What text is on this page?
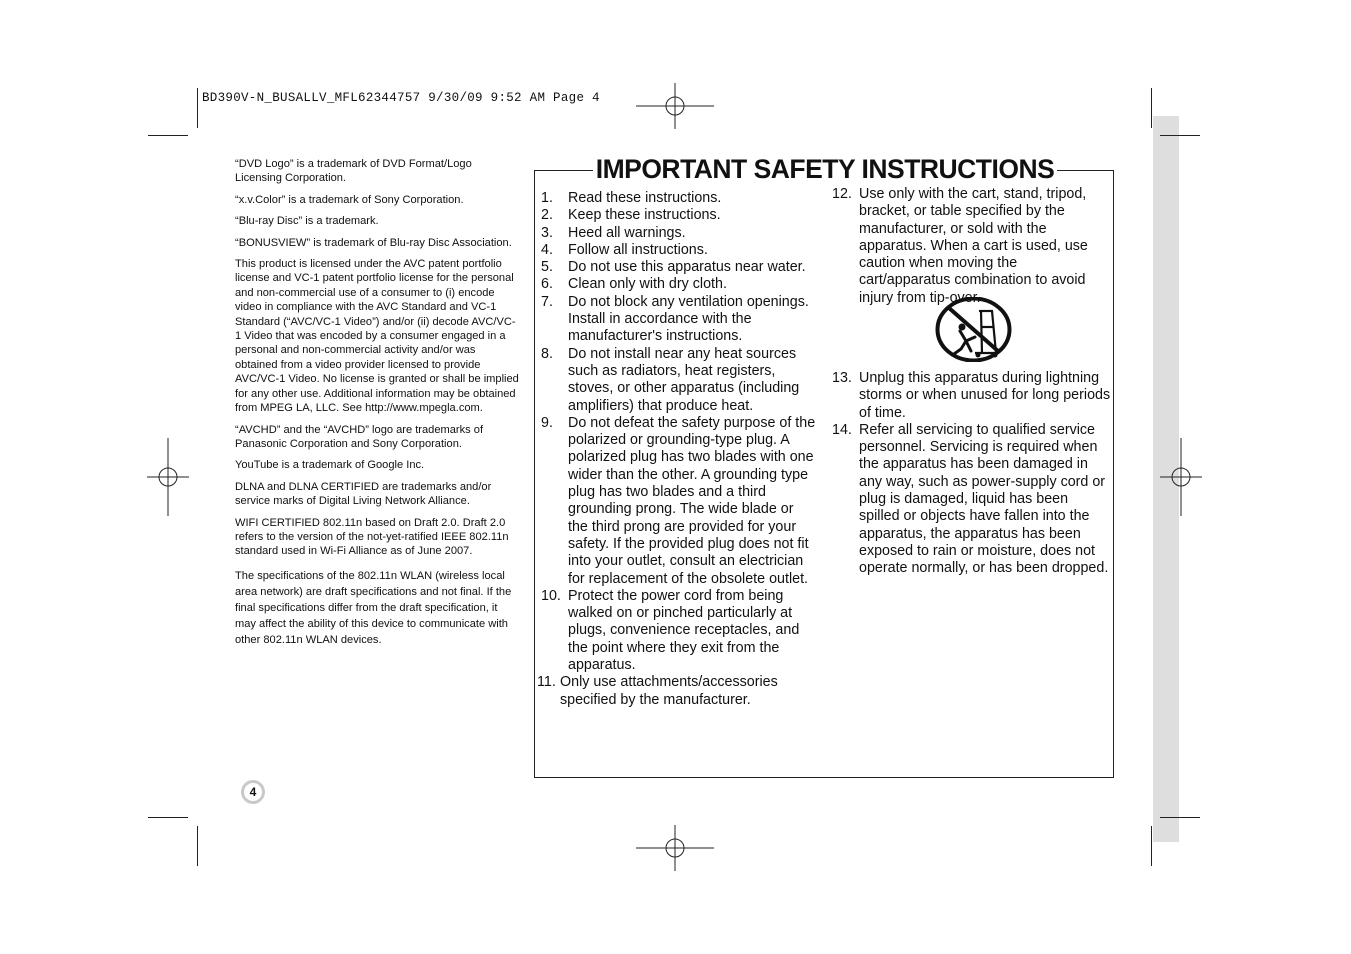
BD390V-N_BUSALLV_MFL62344757 9/30/09 9:52 AM Page 4

“DVD Logo” is a trademark of DVD Format/Logo Licensing Corporation.

“x.v.Color” is a trademark of Sony Corporation.

“Blu-ray Disc” is a trademark.

“BONUSVIEW” is trademark of Blu-ray Disc Association.

This product is licensed under the AVC patent portfolio license and VC-1 patent portfolio license for the personal and non-commercial use of a consumer to (i) encode video in compliance with the AVC Standard and VC-1 Standard (“AVC/VC-1 Video”) and/or (ii) decode AVC/VC-1 Video that was encoded by a consumer engaged in a personal and non-commercial activity and/or was obtained from a video provider licensed to provide AVC/VC-1 Video. No license is granted or shall be implied for any other use. Additional information may be obtained from MPEG LA, LLC. See http://www.mpegla.com.

“AVCHD” and the “AVCHD” logo are trademarks of Panasonic Corporation and Sony Corporation.

YouTube is a trademark of Google Inc.

DLNA and DLNA CERTIFIED are trademarks and/or service marks of Digital Living Network Alliance.

WIFI CERTIFIED 802.11n based on Draft 2.0. Draft 2.0 refers to the version of the not-yet-ratified IEEE 802.11n standard used in Wi-Fi Alliance as of June 2007.

The specifications of the 802.11n WLAN (wireless local area network) are draft specifications and not final. If the final specifications differ from the draft specification, it may affect the ability of this device to communicate with other 802.11n WLAN devices.

IMPORTANT SAFETY INSTRUCTIONS
1.	Read these instructions.
2.	Keep these instructions.
3.	Heed all warnings.
4.	Follow all instructions.
5.	Do not use this apparatus near water.
6.	Clean only with dry cloth.
7.	Do not block any ventilation openings. Install in accordance with the manufacturer's instructions.
8.	Do not install near any heat sources such as radiators, heat registers, stoves, or other apparatus (including amplifiers) that produce heat.
9.	Do not defeat the safety purpose of the polarized or grounding-type plug. A polarized plug has two blades with one wider than the other. A grounding type plug has two blades and a third grounding prong. The wide blade or the third prong are provided for your safety. If the provided plug does not fit into your outlet, consult an electrician for replacement of the obsolete outlet.
10. Protect the power cord from being walked on or pinched particularly at plugs, convenience receptacles, and the point where they exit from the apparatus.
11. Only use attachments/accessories specified by the manufacturer.
12. Use only with the cart, stand, tripod, bracket, or table specified by the manufacturer, or sold with the apparatus. When a cart is used, use caution when moving the cart/apparatus combination to avoid injury from tip-over.
13. Unplug this apparatus during lightning storms or when unused for long periods of time.
14. Refer all servicing to qualified service personnel. Servicing is required when the apparatus has been damaged in any way, such as power-supply cord or plug is damaged, liquid has been spilled or objects have fallen into the apparatus, the apparatus has been exposed to rain or moisture, does not operate normally, or has been dropped.
4
